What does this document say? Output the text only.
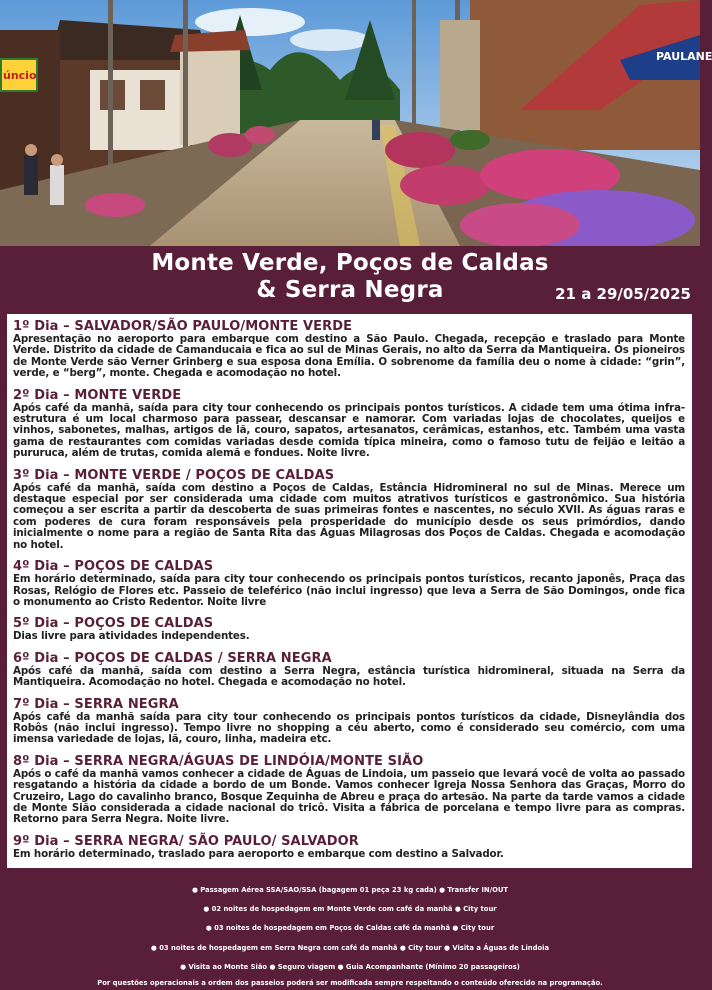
úncio
PAULANE
Monte Verde, Poços de Caldas
& Serra Negra	21 a 29/05/2025
1º Dia – SALVADOR/SÃO PAULO/MONTE VERDE

Apresentação no aeroporto para embarque com destino a São Paulo. Chegada, recepção e traslado para Monte Verde. Distrito da cidade de Camanducaia e fica ao sul de Minas Gerais, no alto da Serra da Mantiqueira. Os pioneiros de Monte Verde são Verner Grinberg e sua esposa dona Emília. O sobrenome da família deu o nome à cidade: “grin”, verde, e “berg”, monte. Chegada e acomodação no hotel.

2º Dia – MONTE VERDE

Após café da manhã, saída para city tour conhecendo os principais pontos turísticos. A cidade tem uma ótima infra-estrutura é um local charmoso para passear, descansar e namorar. Com variadas lojas de chocolates, queijos e vinhos, sabonetes, malhas, artigos de lã, couro, sapatos, artesanatos, cerâmicas, estanhos, etc. Também uma vasta gama de restaurantes com comidas variadas desde comida típica mineira, como o famoso tutu de feijão e leitão a pururuca, além de trutas, comida alemã e fondues. Noite livre.

3º Dia – MONTE VERDE / POÇOS DE CALDAS

Após café da manhã, saída com destino a Poços de Caldas, Estância Hidromineral no sul de Minas. Merece um destaque especial por ser considerada uma cidade com muitos atrativos turísticos e gastronômico. Sua história começou a ser escrita a partir da descoberta de suas primeiras fontes e nascentes, no século XVII. As águas raras e com poderes de cura foram responsáveis pela prosperidade do município desde os seus primórdios, dando inicialmente o nome para a região de Santa Rita das Águas Milagrosas dos Poços de Caldas. Chegada e acomodação no hotel.

4º Dia – POÇOS DE CALDAS

Em horário determinado, saída para city tour conhecendo os principais pontos turísticos, recanto japonês, Praça das Rosas, Relógio de Flores etc. Passeio de teleférico (não inclui ingresso) que leva a Serra de São Domingos, onde fica o monumento ao Cristo Redentor. Noite livre

5º Dia – POÇOS DE CALDAS

Dias livre para atividades independentes.

6º Dia – POÇOS DE CALDAS / SERRA NEGRA

Após café da manhã, saída com destino a Serra Negra, estância turística hidromineral, situada na Serra da Mantiqueira. Acomodação no hotel. Chegada e acomodação no hotel.

7º Dia – SERRA NEGRA

Após café da manhã saída para city tour conhecendo os principais pontos turísticos da cidade, Disneylândia dos Robôs (não inclui ingresso). Tempo livre no shopping a céu aberto, como é considerado seu comércio, com uma imensa variedade de lojas, lã, couro, linha, madeira etc.

8º Dia – SERRA NEGRA/ÁGUAS DE LINDÓIA/MONTE SIÃO

Após o café da manhã vamos conhecer a cidade de Águas de Lindoia, um passeio que levará você de volta ao passado resgatando a história da cidade a bordo de um Bonde. Vamos conhecer Igreja Nossa Senhora das Graças, Morro do Cruzeiro, Lago do cavalinho branco, Bosque Zequinha de Abreu e praça do artesão. Na parte da tarde vamos a cidade de Monte Sião considerada a cidade nacional do tricô. Visita a fábrica de porcelana e tempo livre para as compras. Retorno para Serra Negra. Noite livre.

9º Dia – SERRA NEGRA/ SÃO PAULO/ SALVADOR

Em horário determinado, traslado para aeroporto e embarque com destino a Salvador.

● Passagem Aérea SSA/SAO/SSA (bagagem 01 peça 23 kg cada) ● Transfer IN/OUT
● 02 noites de hospedagem em Monte Verde com café da manhã ● City tour
● 03 noites de hospedagem em Poços de Caldas café da manhã ● City tour
● 03 noites de hospedagem em Serra Negra com café da manhã ● City tour ● Visita a Águas de Lindoia
● Visita ao Monte Sião ● Seguro viagem ● Guia Acompanhante (Mínimo 20 passageiros)
Por questões operacionais a ordem dos passeios poderá ser modificada sempre respeitando o conteúdo oferecido na programação.
